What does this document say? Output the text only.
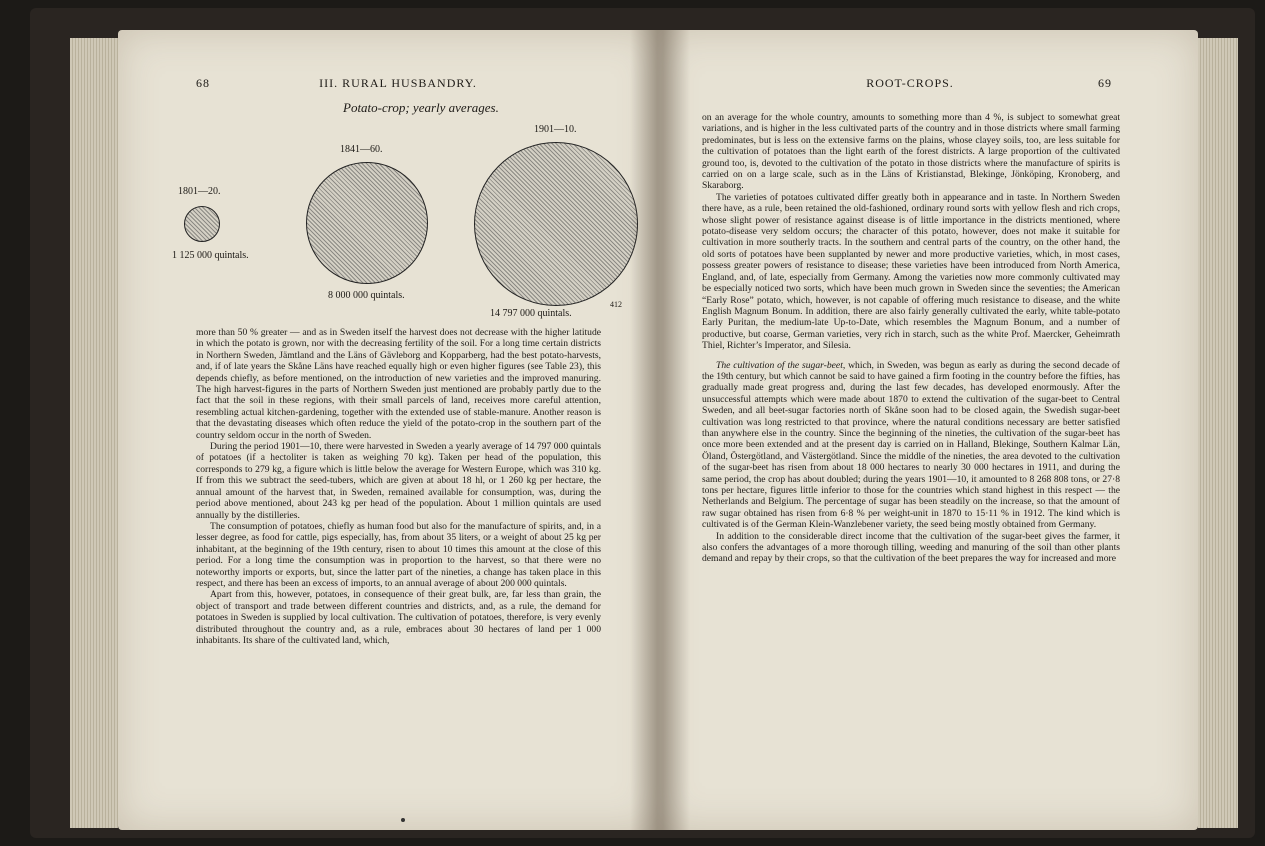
68	III. RURAL HUSBANDRY.
Potato-crop; yearly averages.
1801—20.
1 125 000 quintals.
1841—60.
8 000 000 quintals.
1901—10.
14 797 000 quintals.
412

more than 50 % greater — and as in Sweden itself the harvest does not decrease with the higher latitude in which the potato is grown, nor with the decreasing fertility of the soil. For a long time certain districts in Northern Sweden, Jämtland and the Läns of Gävleborg and Kopparberg, had the best potato-harvests, and, if of late years the Skåne Läns have reached equally high or even higher figures (see Table 23), this depends chiefly, as before mentioned, on the introduction of new varieties and the improved manuring. The high harvest-figures in the parts of Northern Sweden just mentioned are probably partly due to the fact that the soil in these regions, with their small parcels of land, receives more careful attention, resembling actual kitchen-gardening, together with the extended use of stable-manure. Another reason is that the devastating diseases which often reduce the yield of the potato-crop in the southern part of the country seldom occur in the north of Sweden.

During the period 1901—10, there were harvested in Sweden a yearly average of 14 797 000 quintals of potatoes (if a hectoliter is taken as weighing 70 kg). Taken per head of the population, this corresponds to 279 kg, a figure which is little below the average for Western Europe, which was 310 kg. If from this we subtract the seed-tubers, which are given at about 18 hl, or 1 260 kg per hectare, the annual amount of the harvest that, in Sweden, remained available for consumption, was, during the period above mentioned, about 243 kg per head of the population. About 1 million quintals are used annually by the distilleries.

The consumption of potatoes, chiefly as human food but also for the manufacture of spirits, and, in a lesser degree, as food for cattle, pigs especially, has, from about 35 liters, or a weight of about 25 kg per inhabitant, at the beginning of the 19th century, risen to about 10 times this amount at the close of this period. For a long time the consumption was in proportion to the harvest, so that there were no noteworthy imports or exports, but, since the latter part of the nineties, a change has taken place in this respect, and there has been an excess of imports, to an annual average of about 200 000 quintals.

Apart from this, however, potatoes, in consequence of their great bulk, are, far less than grain, the object of transport and trade between different countries and districts, and, as a rule, the demand for potatoes in Sweden is supplied by local cultivation. The cultivation of potatoes, therefore, is very evenly distributed throughout the country and, as a rule, embraces about 30 hectares of land per 1 000 inhabitants. Its share of the cultivated land, which,

ROOT-CROPS.	69

on an average for the whole country, amounts to something more than 4 %, is subject to somewhat great variations, and is higher in the less cultivated parts of the country and in those districts where small farming predominates, but is less on the extensive farms on the plains, whose clayey soils, too, are less suitable for the cultivation of potatoes than the light earth of the forest districts. A large proportion of the cultivated ground too, is, devoted to the cultivation of the potato in those districts where the manufacture of spirits is carried on on a large scale, such as in the Läns of Kristianstad, Blekinge, Jönköping, Kronoberg, and Skaraborg.

The varieties of potatoes cultivated differ greatly both in appearance and in taste. In Northern Sweden there have, as a rule, been retained the old-fashioned, ordinary round sorts with yellow flesh and rich crops, whose slight power of resistance against disease is of little importance in the districts mentioned, where potato-disease very seldom occurs; the character of this potato, however, does not make it suitable for cultivation in more southerly tracts. In the southern and central parts of the country, on the other hand, the old sorts of potatoes have been supplanted by newer and more productive varieties, which, in most cases, possess greater powers of resistance to disease; these varieties have been introduced from North America, England, and, of late, especially from Germany. Among the varieties now more commonly cultivated may be especially noticed two sorts, which have been much grown in Sweden since the seventies; the American “Early Rose” potato, which, however, is not capable of offering much resistance to disease, and the white English Magnum Bonum. In addition, there are also fairly generally cultivated the early, white table-potato Early Puritan, the medium-late Up-to-Date, which resembles the Magnum Bonum, and a number of productive, but coarse, German varieties, very rich in starch, such as the white Prof. Maercker, Geheimrath Thiel, Richter’s Imperator, and Silesia.

The cultivation of the sugar-beet, which, in Sweden, was begun as early as during the second decade of the 19th century, but which cannot be said to have gained a firm footing in the country before the fifties, has gradually made great progress and, during the last few decades, has developed enormously. After the unsuccessful attempts which were made about 1870 to extend the cultivation of the sugar-beet to Central Sweden, and all beet-sugar factories north of Skåne soon had to be closed again, the Swedish sugar-beet cultivation was long restricted to that province, where the natural conditions necessary are better satisfied than anywhere else in the country. Since the beginning of the nineties, the cultivation of the sugar-beet has once more been extended and at the present day is carried on in Halland, Blekinge, Southern Kalmar Län, Öland, Östergötland, and Västergötland. Since the middle of the nineties, the area devoted to the cultivation of the sugar-beet has risen from about 18 000 hectares to nearly 30 000 hectares in 1911, and during the same period, the crop has about doubled; during the years 1901—10, it amounted to 8 268 808 tons, or 27·8 tons per hectare, figures little inferior to those for the countries which stand highest in this respect — the Netherlands and Belgium. The percentage of sugar has been steadily on the increase, so that the amount of raw sugar obtained has risen from 6·8 % per weight-unit in 1870 to 15·11 % in 1912. The kind which is cultivated is of the German Klein-Wanzlebener variety, the seed being mostly obtained from Germany.

In addition to the considerable direct income that the cultivation of the sugar-beet gives the farmer, it also confers the advantages of a more thorough tilling, weeding and manuring of the soil than other plants demand and repay by their crops, so that the cultivation of the beet prepares the way for increased and more
